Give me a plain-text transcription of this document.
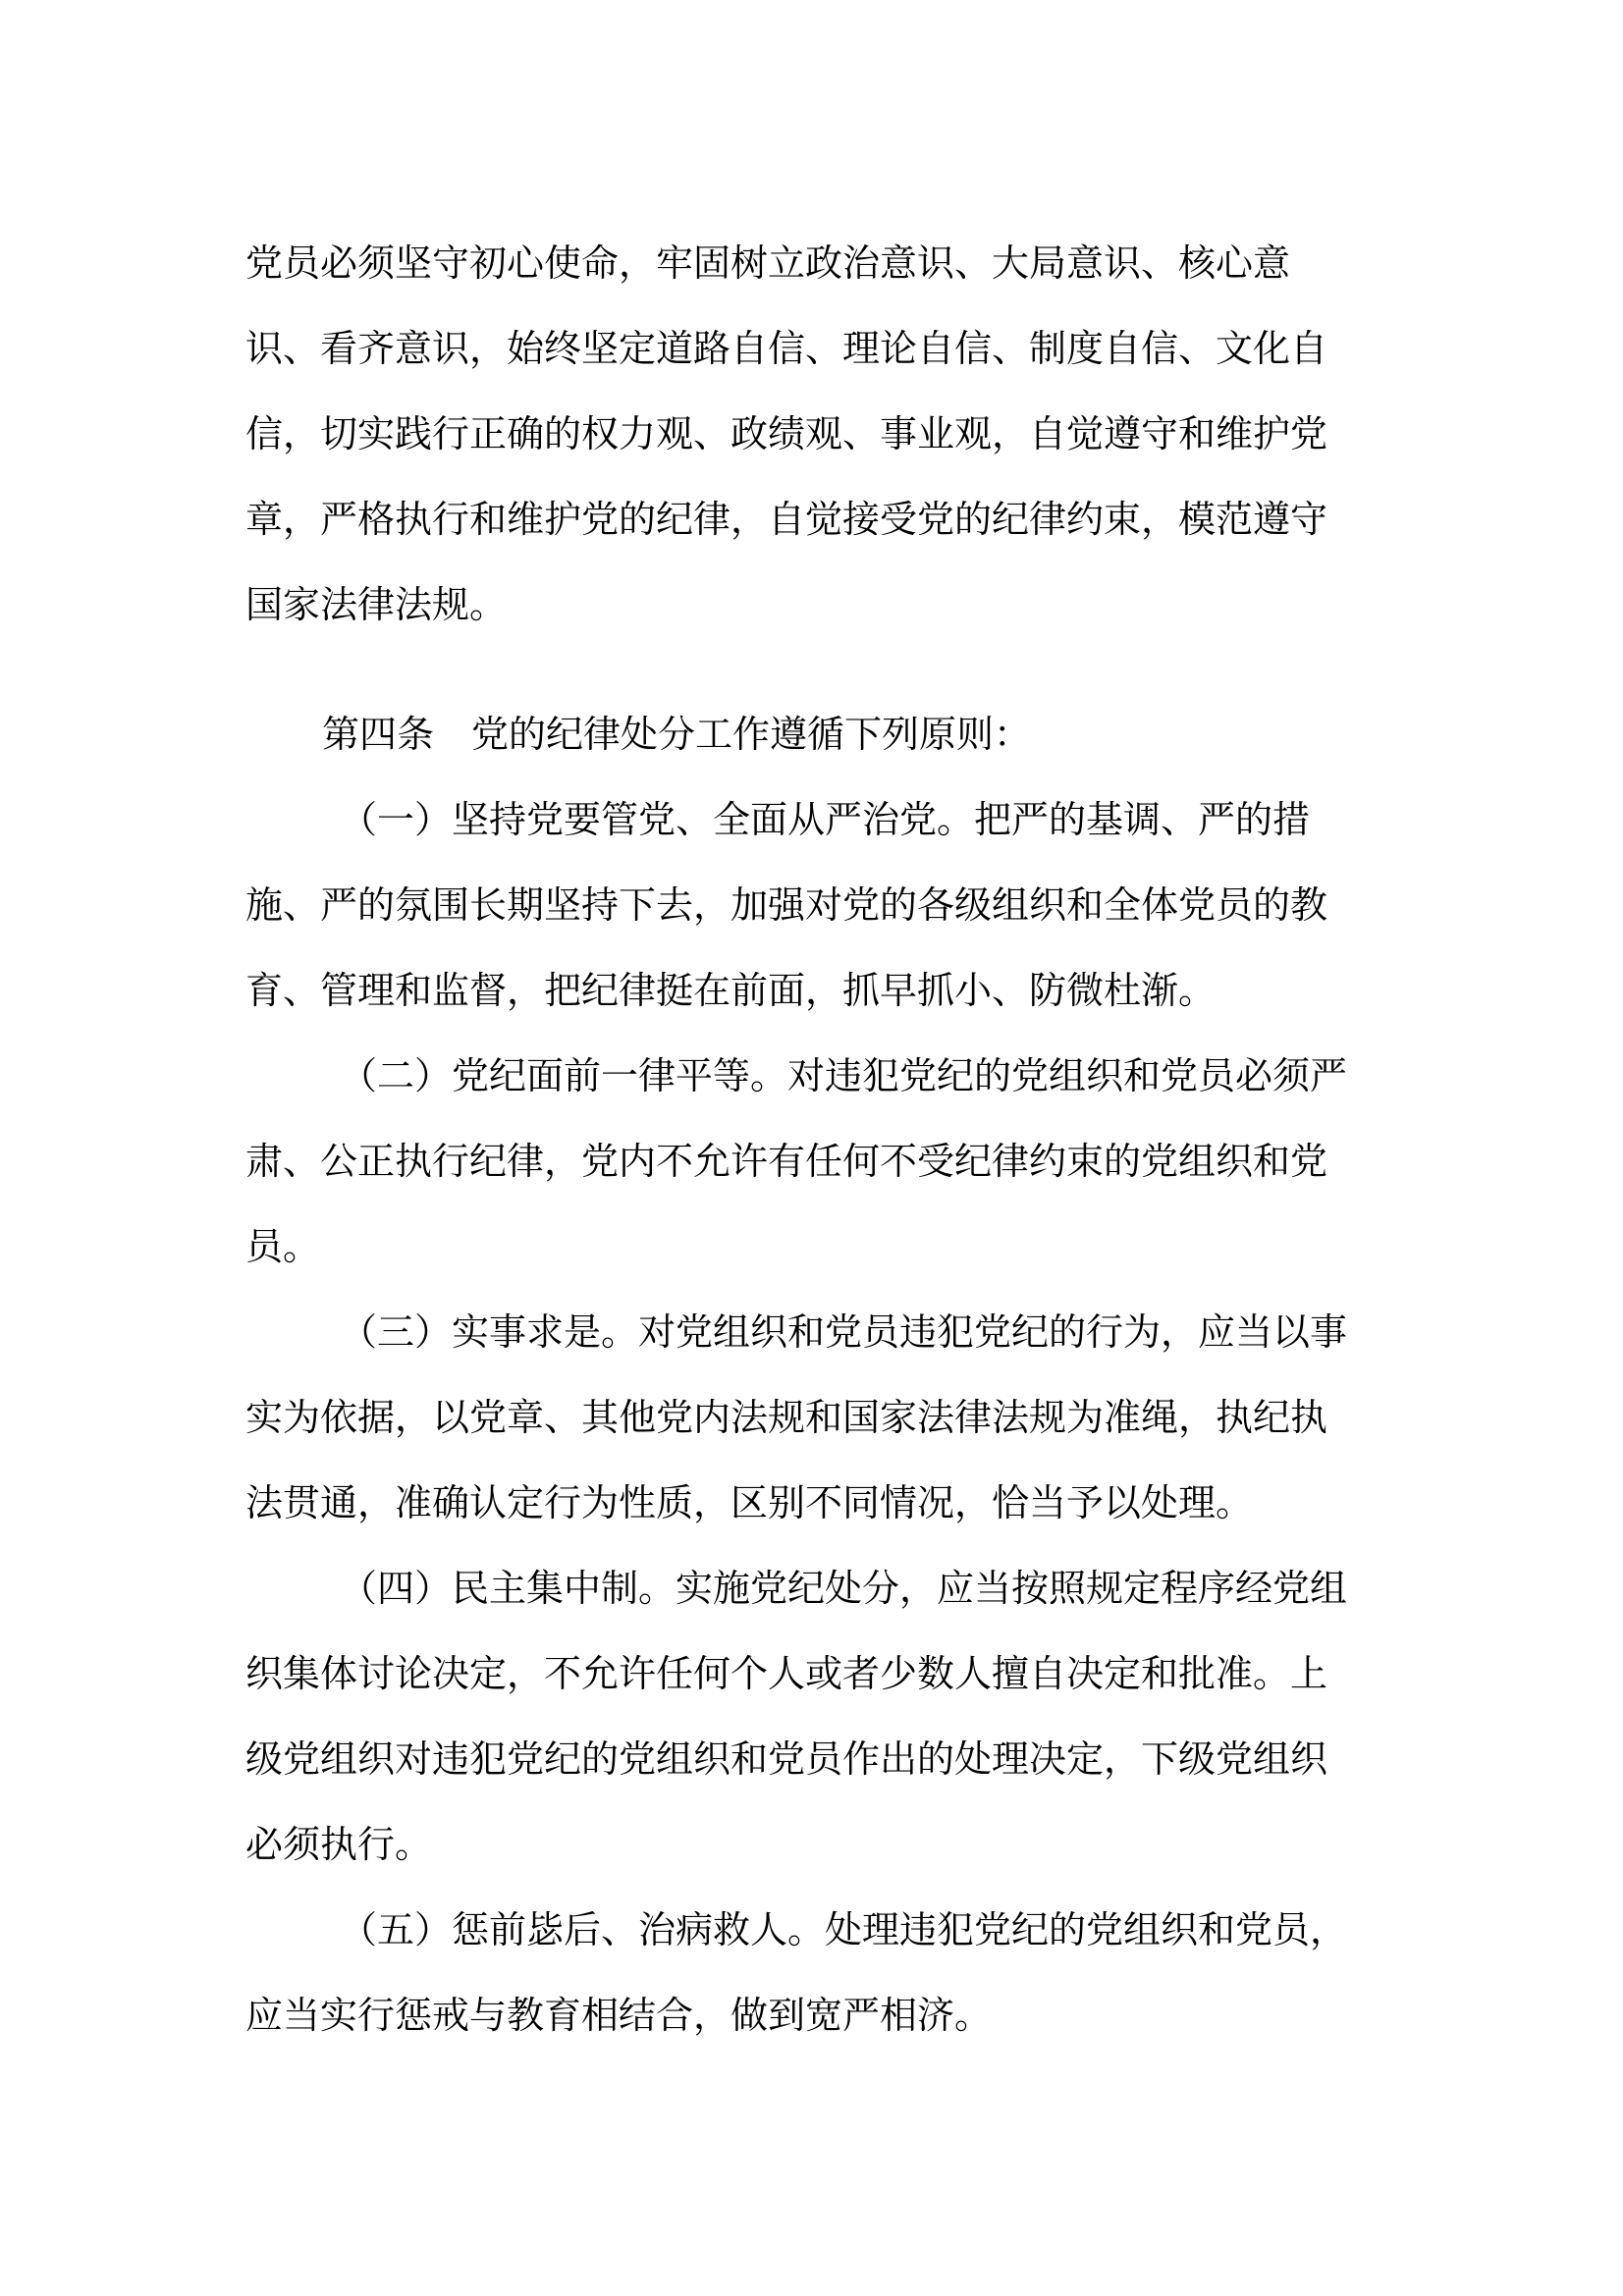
党员必须坚守初心使命，牢固树立政治意识、大局意识、核心意
识、看齐意识，始终坚定道路自信、理论自信、制度自信、文化自
信，切实践行正确的权力观、政绩观、事业观，自觉遵守和维护党
章，严格执行和维护党的纪律，自觉接受党的纪律约束，模范遵守
国家法律法规。
第四条　党的纪律处分工作遵循下列原则：
（一）坚持党要管党、全面从严治党。把严的基调、严的措
施、严的氛围长期坚持下去，加强对党的各级组织和全体党员的教
育、管理和监督，把纪律挺在前面，抓早抓小、防微杜渐。
（二）党纪面前一律平等。对违犯党纪的党组织和党员必须严
肃、公正执行纪律，党内不允许有任何不受纪律约束的党组织和党
员。
（三）实事求是。对党组织和党员违犯党纪的行为，应当以事
实为依据，以党章、其他党内法规和国家法律法规为准绳，执纪执
法贯通，准确认定行为性质，区别不同情况，恰当予以处理。
（四）民主集中制。实施党纪处分，应当按照规定程序经党组
织集体讨论决定，不允许任何个人或者少数人擅自决定和批准。上
级党组织对违犯党纪的党组织和党员作出的处理决定，下级党组织
必须执行。
（五）惩前毖后、治病救人。处理违犯党纪的党组织和党员，
应当实行惩戒与教育相结合，做到宽严相济。
